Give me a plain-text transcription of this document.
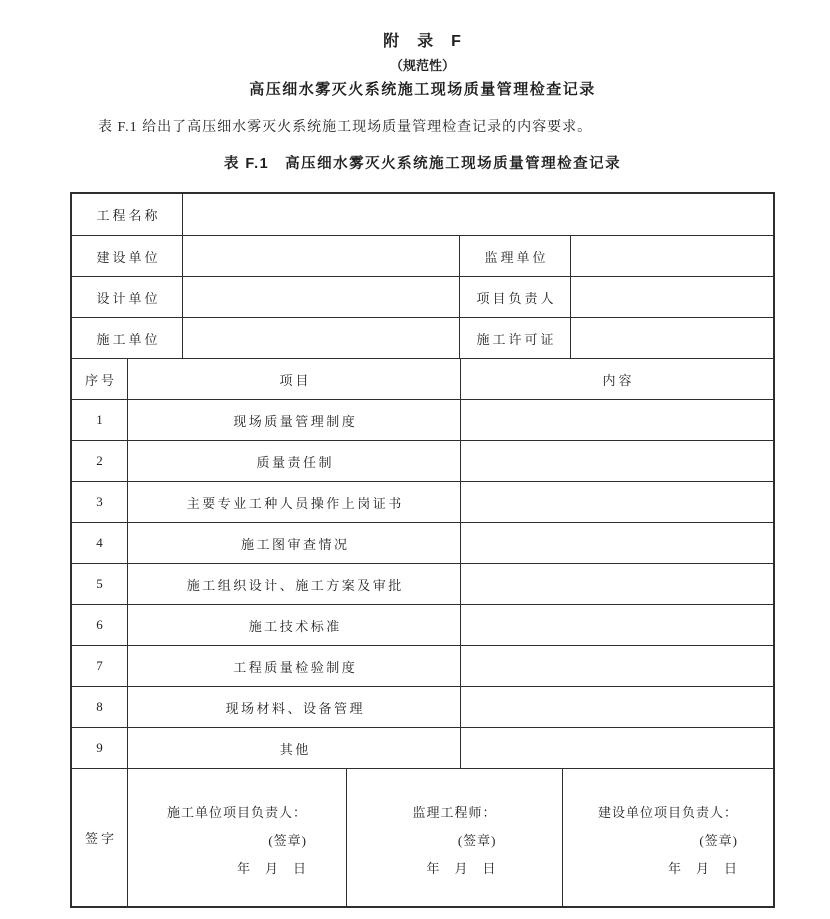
附　录　F
（规范性）
高压细水雾灭火系统施工现场质量管理检查记录

表 F.1 给出了高压细水雾灭火系统施工现场质量管理检查记录的内容要求。

表 F.1　高压细水雾灭火系统施工现场质量管理检查记录
工程名称
建设单位	监理单位
设计单位	项目负责人
施工单位	施工许可证
序号	项目	内容
1	现场质量管理制度
2	质量责任制
3	主要专业工种人员操作上岗证书
4	施工图审查情况
5	施工组织设计、施工方案及审批
6	施工技术标准
7	工程质量检验制度
8	现场材料、设备管理
9	其他
签字
施工单位项目负责人：
(签章)
年　月　日
监理工程师：
(签章)
年　月　日
建设单位项目负责人：
(签章)
年　月　日
